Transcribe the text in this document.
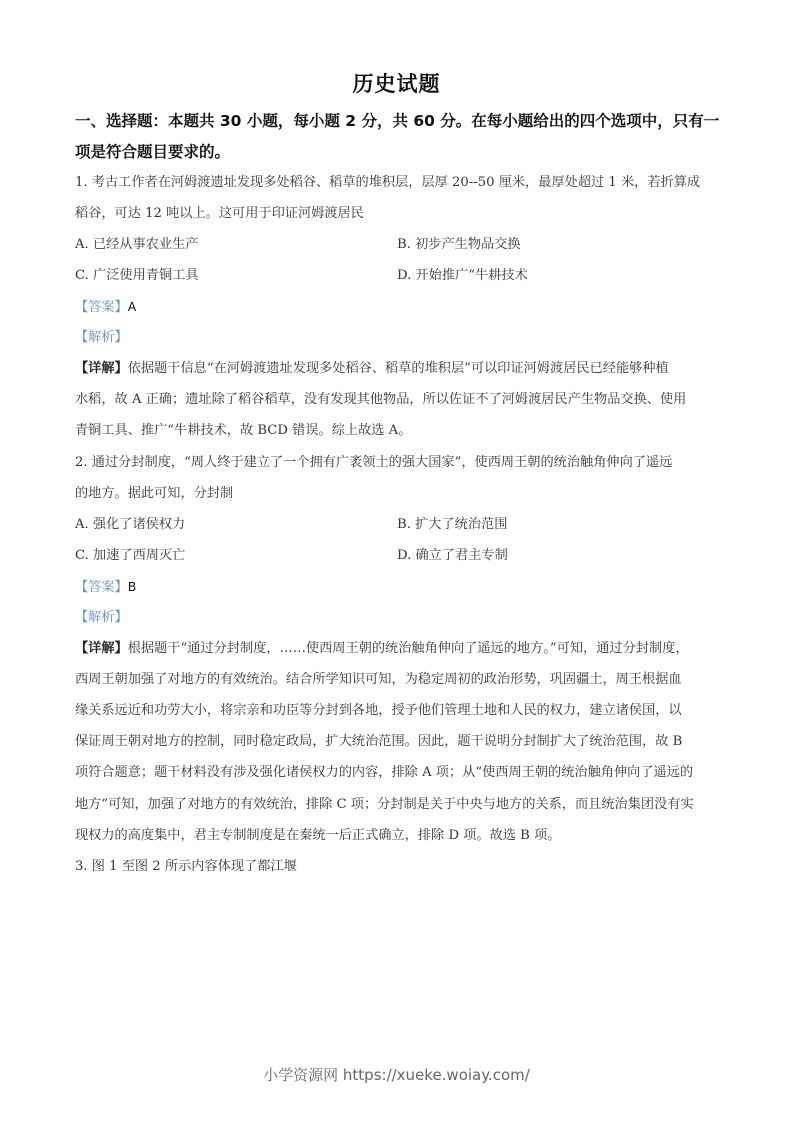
历史试题
一、选择题：本题共 30 小题，每小题 2 分，共 60 分。在每小题给出的四个选项中，只有一
项是符合题目要求的。
1. 考古工作者在河姆渡遗址发现多处稻谷、稻草的堆积层，层厚 20--50 厘米，最厚处超过 1 米，若折算成
稻谷，可达 12 吨以上。这可用于印证河姆渡居民
A. 已经从事农业生产	B. 初步产生物品交换
C. 广泛使用青铜工具	D. 开始推广“牛耕技术
【答案】A
【解析】
【详解】依据题干信息“在河姆渡遗址发现多处稻谷、稻草的堆积层”可以印证河姆渡居民已经能够种植
水稻，故 A 正确；遗址除了稻谷稻草，没有发现其他物品，所以佐证不了河姆渡居民产生物品交换、使用
青铜工具、推广“牛耕技术，故 BCD 错误。综上故选 A。
2. 通过分封制度，“周人终于建立了一个拥有广袤领土的强大国家”，使西周王朝的统治触角伸向了遥远
的地方。据此可知，分封制
A. 强化了诸侯权力	B. 扩大了统治范围
C. 加速了西周灭亡	D. 确立了君主专制
【答案】B
【解析】
【详解】根据题干“通过分封制度，……使西周王朝的统治触角伸向了遥远的地方。”可知，通过分封制度，
西周王朝加强了对地方的有效统治。结合所学知识可知，为稳定周初的政治形势，巩固疆土，周王根据血
缘关系远近和功劳大小，将宗亲和功臣等分封到各地，授予他们管理土地和人民的权力，建立诸侯国，以
保证周王朝对地方的控制，同时稳定政局，扩大统治范围。因此，题干说明分封制扩大了统治范围，故 B
项符合题意；题干材料没有涉及强化诸侯权力的内容，排除 A 项；从“使西周王朝的统治触角伸向了遥远的
地方”可知，加强了对地方的有效统治，排除 C 项；分封制是关于中央与地方的关系，而且统治集团没有实
现权力的高度集中，君主专制制度是在秦统一后正式确立，排除 D 项。故选 B 项。
3. 图 1 至图 2 所示内容体现了都江堰
小学资源网 https://xueke.woiay.com/
